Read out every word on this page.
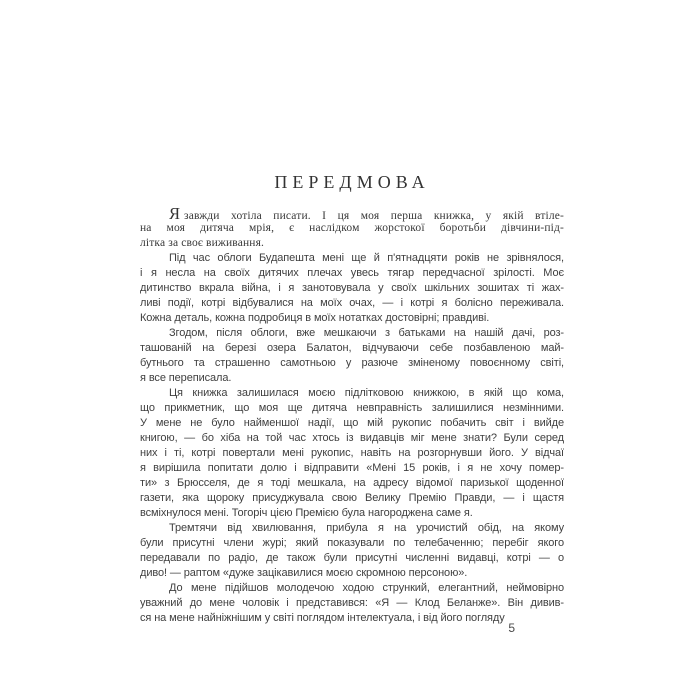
ПЕРЕДМОВА

Я завжди хотіла писати. І ця моя перша книжка, у якій втіле-
на моя дитяча мрія, є наслідком жорстокої боротьби дівчини-під-
літка за своє виживання.

Під час облоги Будапешта мені ще й п'ятнадцяти років не зрівнялося,
і я несла на своїх дитячих плечах увесь тягар передчасної зрілості. Моє
дитинство вкрала війна, і я занотовувала у своїх шкільних зошитах ті жах-
ливі події, котрі відбувалися на моїх очах, — і котрі я болісно переживала.
Кожна деталь, кожна подробиця в моїх нотатках достовірні; правдиві.

Згодом, після облоги, вже мешкаючи з батьками на нашій дачі, роз-
ташованій на березі озера Балатон, відчуваючи себе позбавленою май-
бутнього та страшенно самотньою у разюче зміненому повоєнному світі,
я все переписала.

Ця книжка залишилася моєю підлітковою книжкою, в якій що кома,
що прикметник, що моя ще дитяча невправність залишилися незмінними.
У мене не було найменшої надії, що мій рукопис побачить світ і вийде
книгою, — бо хіба на той час хтось із видавців міг мене знати? Були серед
них і ті, котрі повертали мені рукопис, навіть на розгорнувши його. У відчаї
я вирішила попитати долю і відправити «Мені 15 років, і я не хочу помер-
ти» з Брюсселя, де я тоді мешкала, на адресу відомої паризької щоденної
газети, яка щороку присуджувала свою Велику Премію Правди, — і щастя
всміхнулося мені. Тогоріч цією Премією була нагороджена саме я.

Тремтячи від хвилювання, прибула я на урочистий обід, на якому
були присутні члени журі; який показували по телебаченню; перебіг якого
передавали по радіо, де також були присутні численні видавці, котрі — о
диво! — раптом «дуже зацікавилися моєю скромною персоною».

До мене підійшов молодечою ходою стрункий, елегантний, неймовірно
уважний до мене чоловік і представився: «Я — Клод Беланже». Він дивив-
ся на мене найніжнішим у світі поглядом інтелектуала, і від його погляду

5
